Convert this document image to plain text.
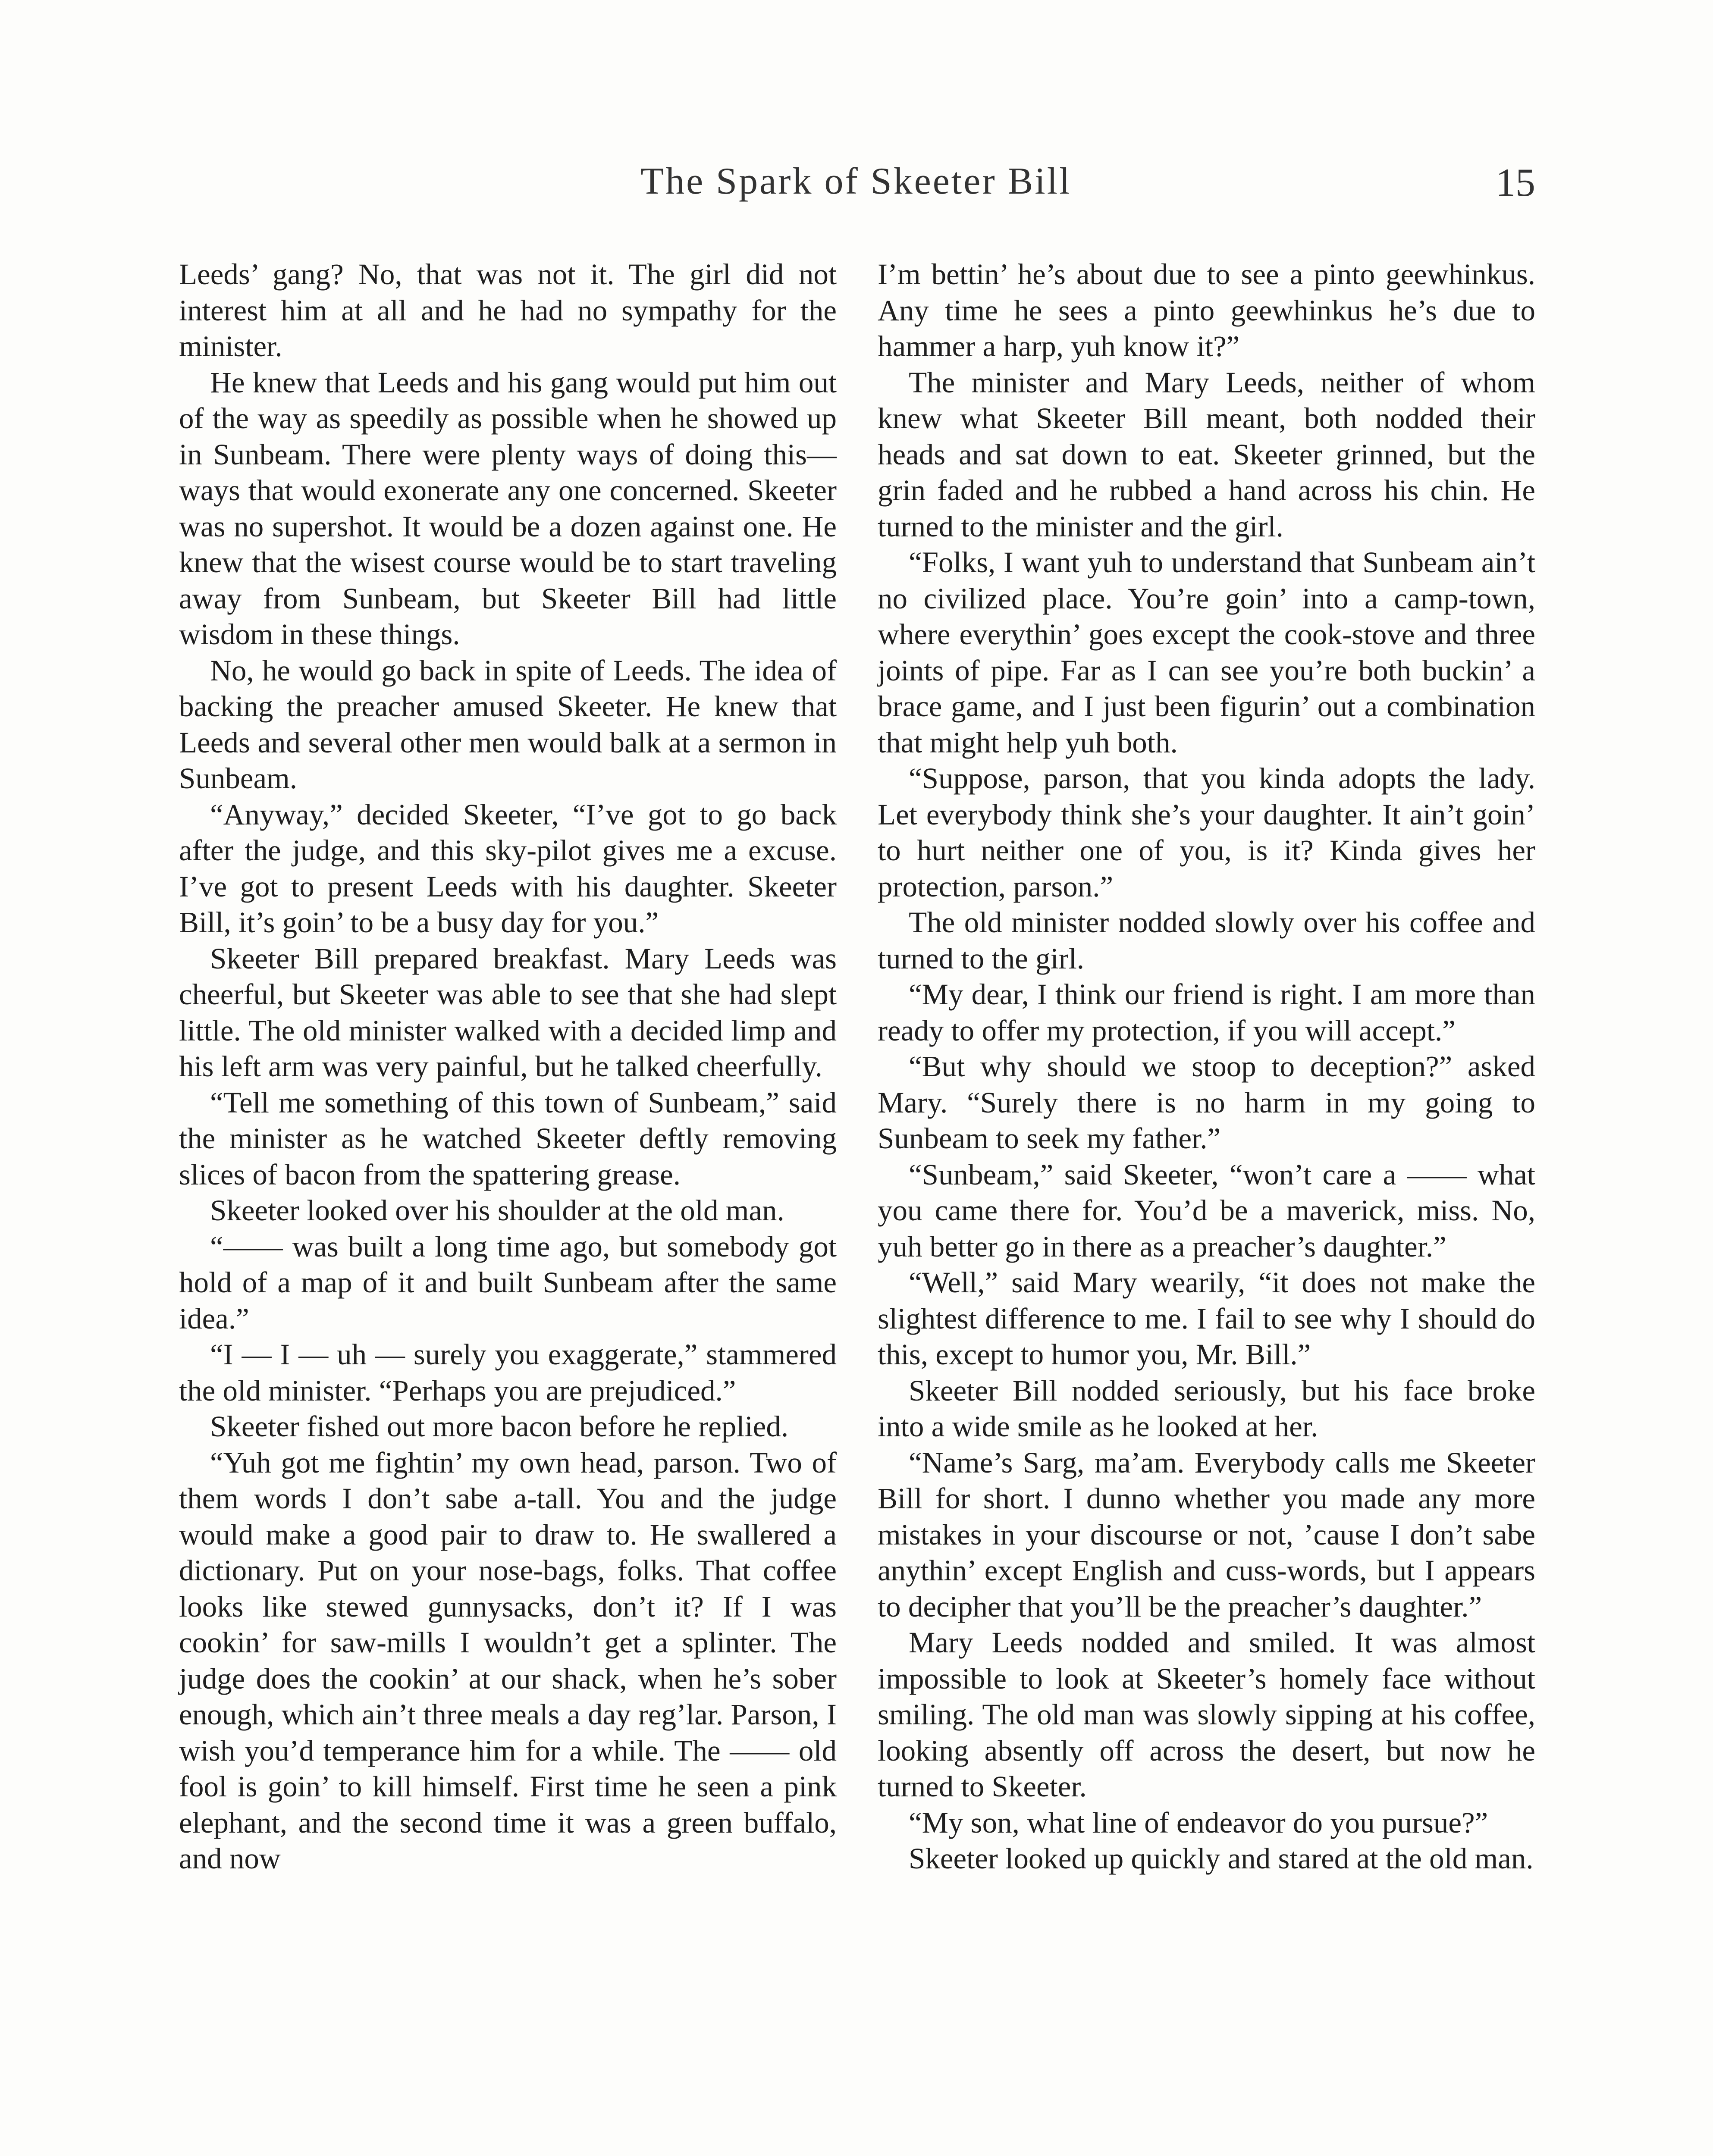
The Spark of Skeeter Bill	15

Leeds’ gang? No, that was not it. The girl did not interest him at all and he had no sympathy for the minister.

He knew that Leeds and his gang would put him out of the way as speedily as possible when he showed up in Sunbeam. There were plenty ways of doing this—ways that would exonerate any one concerned. Skeeter was no supershot. It would be a dozen against one. He knew that the wisest course would be to start traveling away from Sunbeam, but Skeeter Bill had little wisdom in these things.

No, he would go back in spite of Leeds. The idea of backing the preacher amused Skeeter. He knew that Leeds and several other men would balk at a sermon in Sunbeam.

“Anyway,” decided Skeeter, “I’ve got to go back after the judge, and this sky-pilot gives me a excuse. I’ve got to present Leeds with his daughter. Skeeter Bill, it’s goin’ to be a busy day for you.”

Skeeter Bill prepared breakfast. Mary Leeds was cheerful, but Skeeter was able to see that she had slept little. The old minister walked with a decided limp and his left arm was very painful, but he talked cheerfully.

“Tell me something of this town of Sunbeam,” said the minister as he watched Skeeter deftly removing slices of bacon from the spattering grease.

Skeeter looked over his shoulder at the old man.

“—— was built a long time ago, but somebody got hold of a map of it and built Sunbeam after the same idea.”

“I — I — uh — surely you exaggerate,” stammered the old minister. “Perhaps you are prejudiced.”

Skeeter fished out more bacon before he replied.

“Yuh got me fightin’ my own head, parson. Two of them words I don’t sabe a-tall. You and the judge would make a good pair to draw to. He swallered a dictionary. Put on your nose-bags, folks. That coffee looks like stewed gunnysacks, don’t it? If I was cookin’ for saw-mills I wouldn’t get a splinter. The judge does the cookin’ at our shack, when he’s sober enough, which ain’t three meals a day reg’lar. Parson, I wish you’d temperance him for a while. The —— old fool is goin’ to kill himself. First time he seen a pink elephant, and the second time it was a green buffalo, and now

I’m bettin’ he’s about due to see a pinto geewhinkus. Any time he sees a pinto geewhinkus he’s due to hammer a harp, yuh know it?”

The minister and Mary Leeds, neither of whom knew what Skeeter Bill meant, both nodded their heads and sat down to eat. Skeeter grinned, but the grin faded and he rubbed a hand across his chin. He turned to the minister and the girl.

“Folks, I want yuh to understand that Sunbeam ain’t no civilized place. You’re goin’ into a camp-town, where everythin’ goes except the cook-stove and three joints of pipe. Far as I can see you’re both buckin’ a brace game, and I just been figurin’ out a combination that might help yuh both.

“Suppose, parson, that you kinda adopts the lady. Let everybody think she’s your daughter. It ain’t goin’ to hurt neither one of you, is it? Kinda gives her protection, parson.”

The old minister nodded slowly over his coffee and turned to the girl.

“My dear, I think our friend is right. I am more than ready to offer my protection, if you will accept.”

“But why should we stoop to deception?” asked Mary. “Surely there is no harm in my going to Sunbeam to seek my father.”

“Sunbeam,” said Skeeter, “won’t care a —— what you came there for. You’d be a maverick, miss. No, yuh better go in there as a preacher’s daughter.”

“Well,” said Mary wearily, “it does not make the slightest difference to me. I fail to see why I should do this, except to humor you, Mr. Bill.”

Skeeter Bill nodded seriously, but his face broke into a wide smile as he looked at her.

“Name’s Sarg, ma’am. Everybody calls me Skeeter Bill for short. I dunno whether you made any more mistakes in your discourse or not, ’cause I don’t sabe anythin’ except English and cuss-words, but I appears to decipher that you’ll be the preacher’s daughter.”

Mary Leeds nodded and smiled. It was almost impossible to look at Skeeter’s homely face without smiling. The old man was slowly sipping at his coffee, looking absently off across the desert, but now he turned to Skeeter.

“My son, what line of endeavor do you pursue?”

Skeeter looked up quickly and stared at the old man.
